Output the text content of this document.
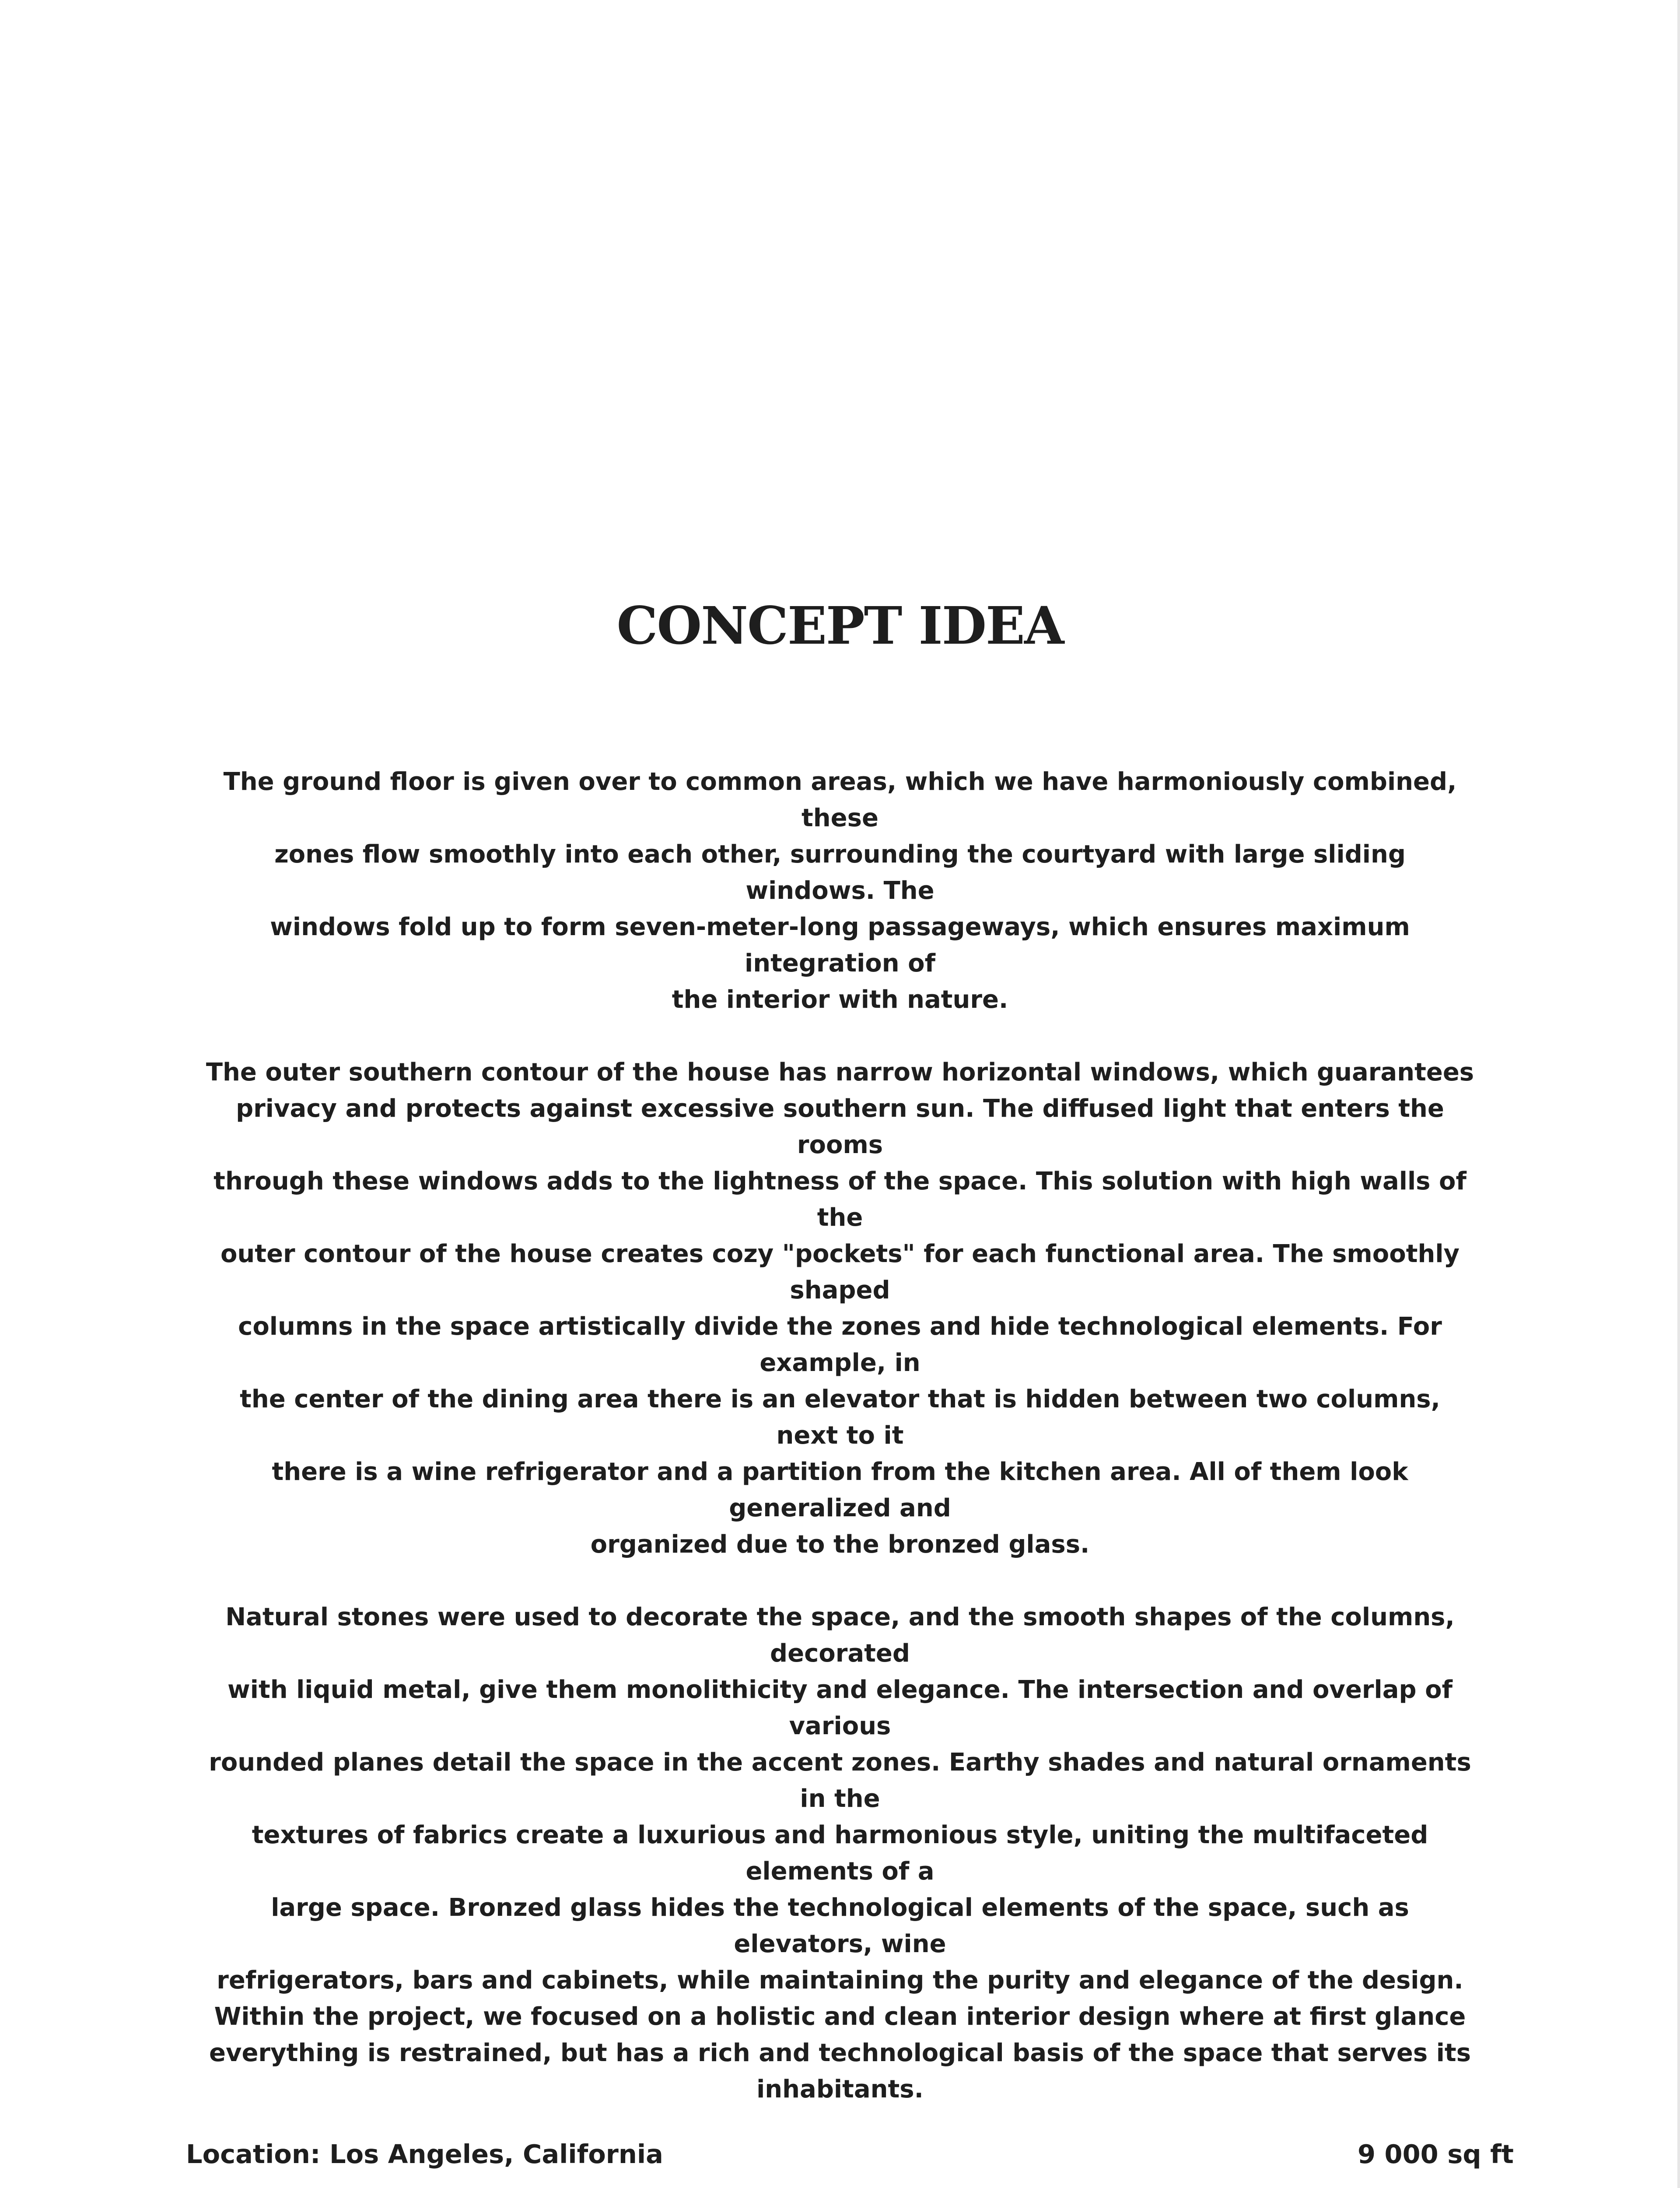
CONCEPT IDEA

The ground floor is given over to common areas, which we have harmoniously combined, these
zones flow smoothly into each other, surrounding the courtyard with large sliding windows. The
windows fold up to form seven-meter-long passageways, which ensures maximum integration of
the interior with nature.

The outer southern contour of the house has narrow horizontal windows, which guarantees
privacy and protects against excessive southern sun. The diffused light that enters the rooms
through these windows adds to the lightness of the space. This solution with high walls of the
outer contour of the house creates cozy "pockets" for each functional area. The smoothly shaped
columns in the space artistically divide the zones and hide technological elements. For example, in
the center of the dining area there is an elevator that is hidden between two columns, next to it
there is a wine refrigerator and a partition from the kitchen area. All of them look generalized and
organized due to the bronzed glass.

Natural stones were used to decorate the space, and the smooth shapes of the columns, decorated
with liquid metal, give them monolithicity and elegance. The intersection and overlap of various
rounded planes detail the space in the accent zones. Earthy shades and natural ornaments in the
textures of fabrics create a luxurious and harmonious style, uniting the multifaceted elements of a
large space. Bronzed glass hides the technological elements of the space, such as elevators, wine
refrigerators, bars and cabinets, while maintaining the purity and elegance of the design.
Within the project, we focused on a holistic and clean interior design where at first glance
everything is restrained, but has a rich and technological basis of the space that serves its
inhabitants.

Location: Los Angeles, California	9 000 sq ft
